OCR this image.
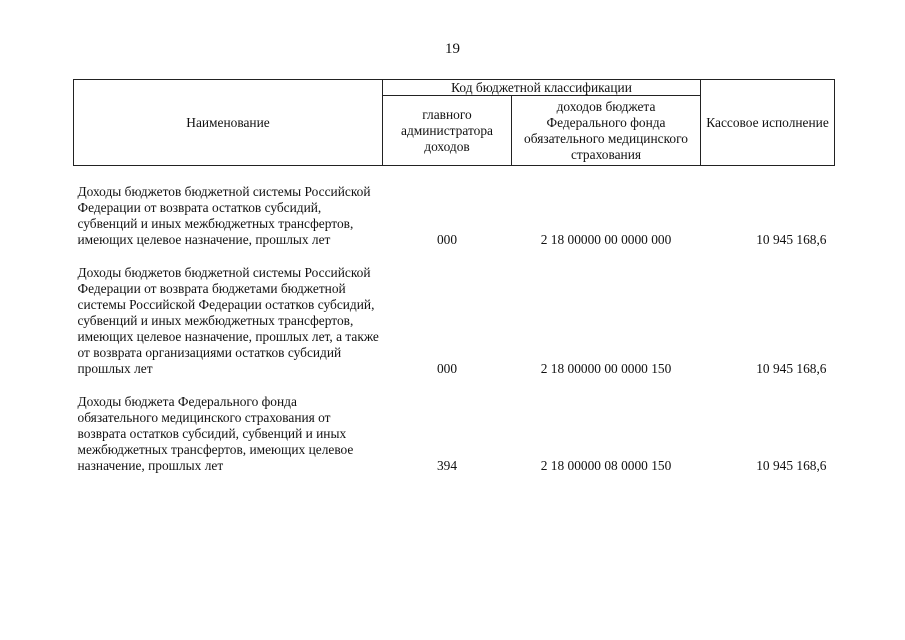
19
Наименование	Код бюджетной классификации		Кассовое исполнение
	главного администратора доходов	доходов бюджета Федерального фонда обязательного медицинского страхования	

Доходы бюджетов бюджетной системы Российской Федерации от возврата остатков субсидий, субвенций и иных межбюджетных трансфертов, имеющих целевое назначение, прошлых лет	000	2 18 00000 00 0000 000	10 945 168,6
Доходы бюджетов бюджетной системы Российской Федерации от возврата бюджетами бюджетной системы Российской Федерации остатков субсидий, субвенций и иных межбюджетных трансфертов, имеющих целевое назначение, прошлых лет, а также от возврата организациями остатков субсидий прошлых лет	000	2 18 00000 00 0000 150	10 945 168,6
Доходы бюджета Федерального фонда обязательного медицинского страхования от возврата остатков субсидий, субвенций и иных межбюджетных трансфертов, имеющих целевое назначение, прошлых лет	394	2 18 00000 08 0000 150	10 945 168,6
